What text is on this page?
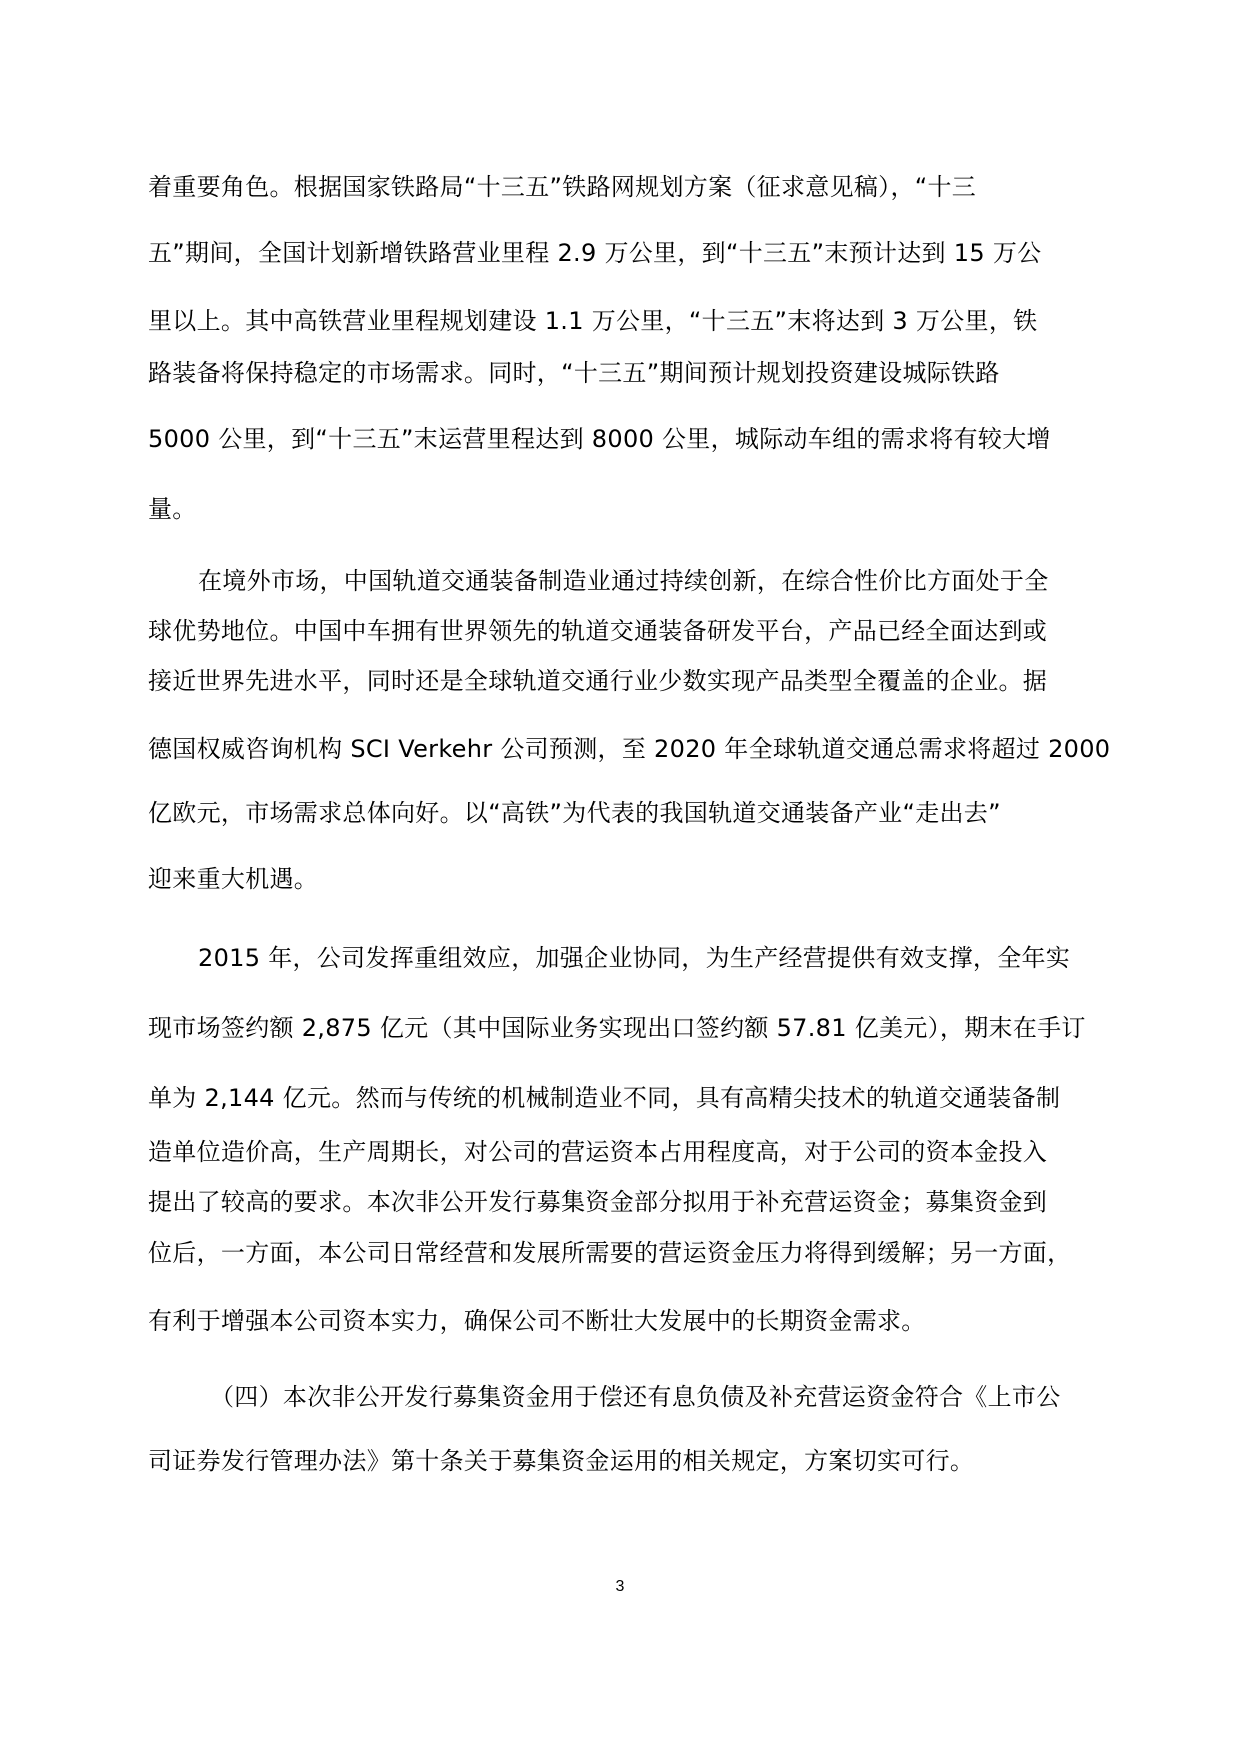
着重要角色。根据国家铁路局“十三五”铁路网规划方案（征求意见稿），“十三
五”期间，全国计划新增铁路营业里程 2.9 万公里，到“十三五”末预计达到 15 万公
里以上。其中高铁营业里程规划建设 1.1 万公里，“十三五”末将达到 3 万公里，铁
路装备将保持稳定的市场需求。同时，“十三五”期间预计规划投资建设城际铁路
5000 公里，到“十三五”末运营里程达到 8000 公里，城际动车组的需求将有较大增
量。
在境外市场，中国轨道交通装备制造业通过持续创新，在综合性价比方面处于全
球优势地位。中国中车拥有世界领先的轨道交通装备研发平台，产品已经全面达到或
接近世界先进水平，同时还是全球轨道交通行业少数实现产品类型全覆盖的企业。据
德国权威咨询机构 SCI Verkehr 公司预测，至 2020 年全球轨道交通总需求将超过 2000
亿欧元，市场需求总体向好。以“高铁”为代表的我国轨道交通装备产业“走出去”
迎来重大机遇。
2015 年，公司发挥重组效应，加强企业协同，为生产经营提供有效支撑，全年实
现市场签约额 2,875 亿元（其中国际业务实现出口签约额 57.81 亿美元），期末在手订
单为 2,144 亿元。然而与传统的机械制造业不同，具有高精尖技术的轨道交通装备制
造单位造价高，生产周期长，对公司的营运资本占用程度高，对于公司的资本金投入
提出了较高的要求。本次非公开发行募集资金部分拟用于补充营运资金；募集资金到
位后，一方面，本公司日常经营和发展所需要的营运资金压力将得到缓解；另一方面，
有利于增强本公司资本实力，确保公司不断壮大发展中的长期资金需求。
（四）本次非公开发行募集资金用于偿还有息负债及补充营运资金符合《上市公
司证券发行管理办法》第十条关于募集资金运用的相关规定，方案切实可行。
3
